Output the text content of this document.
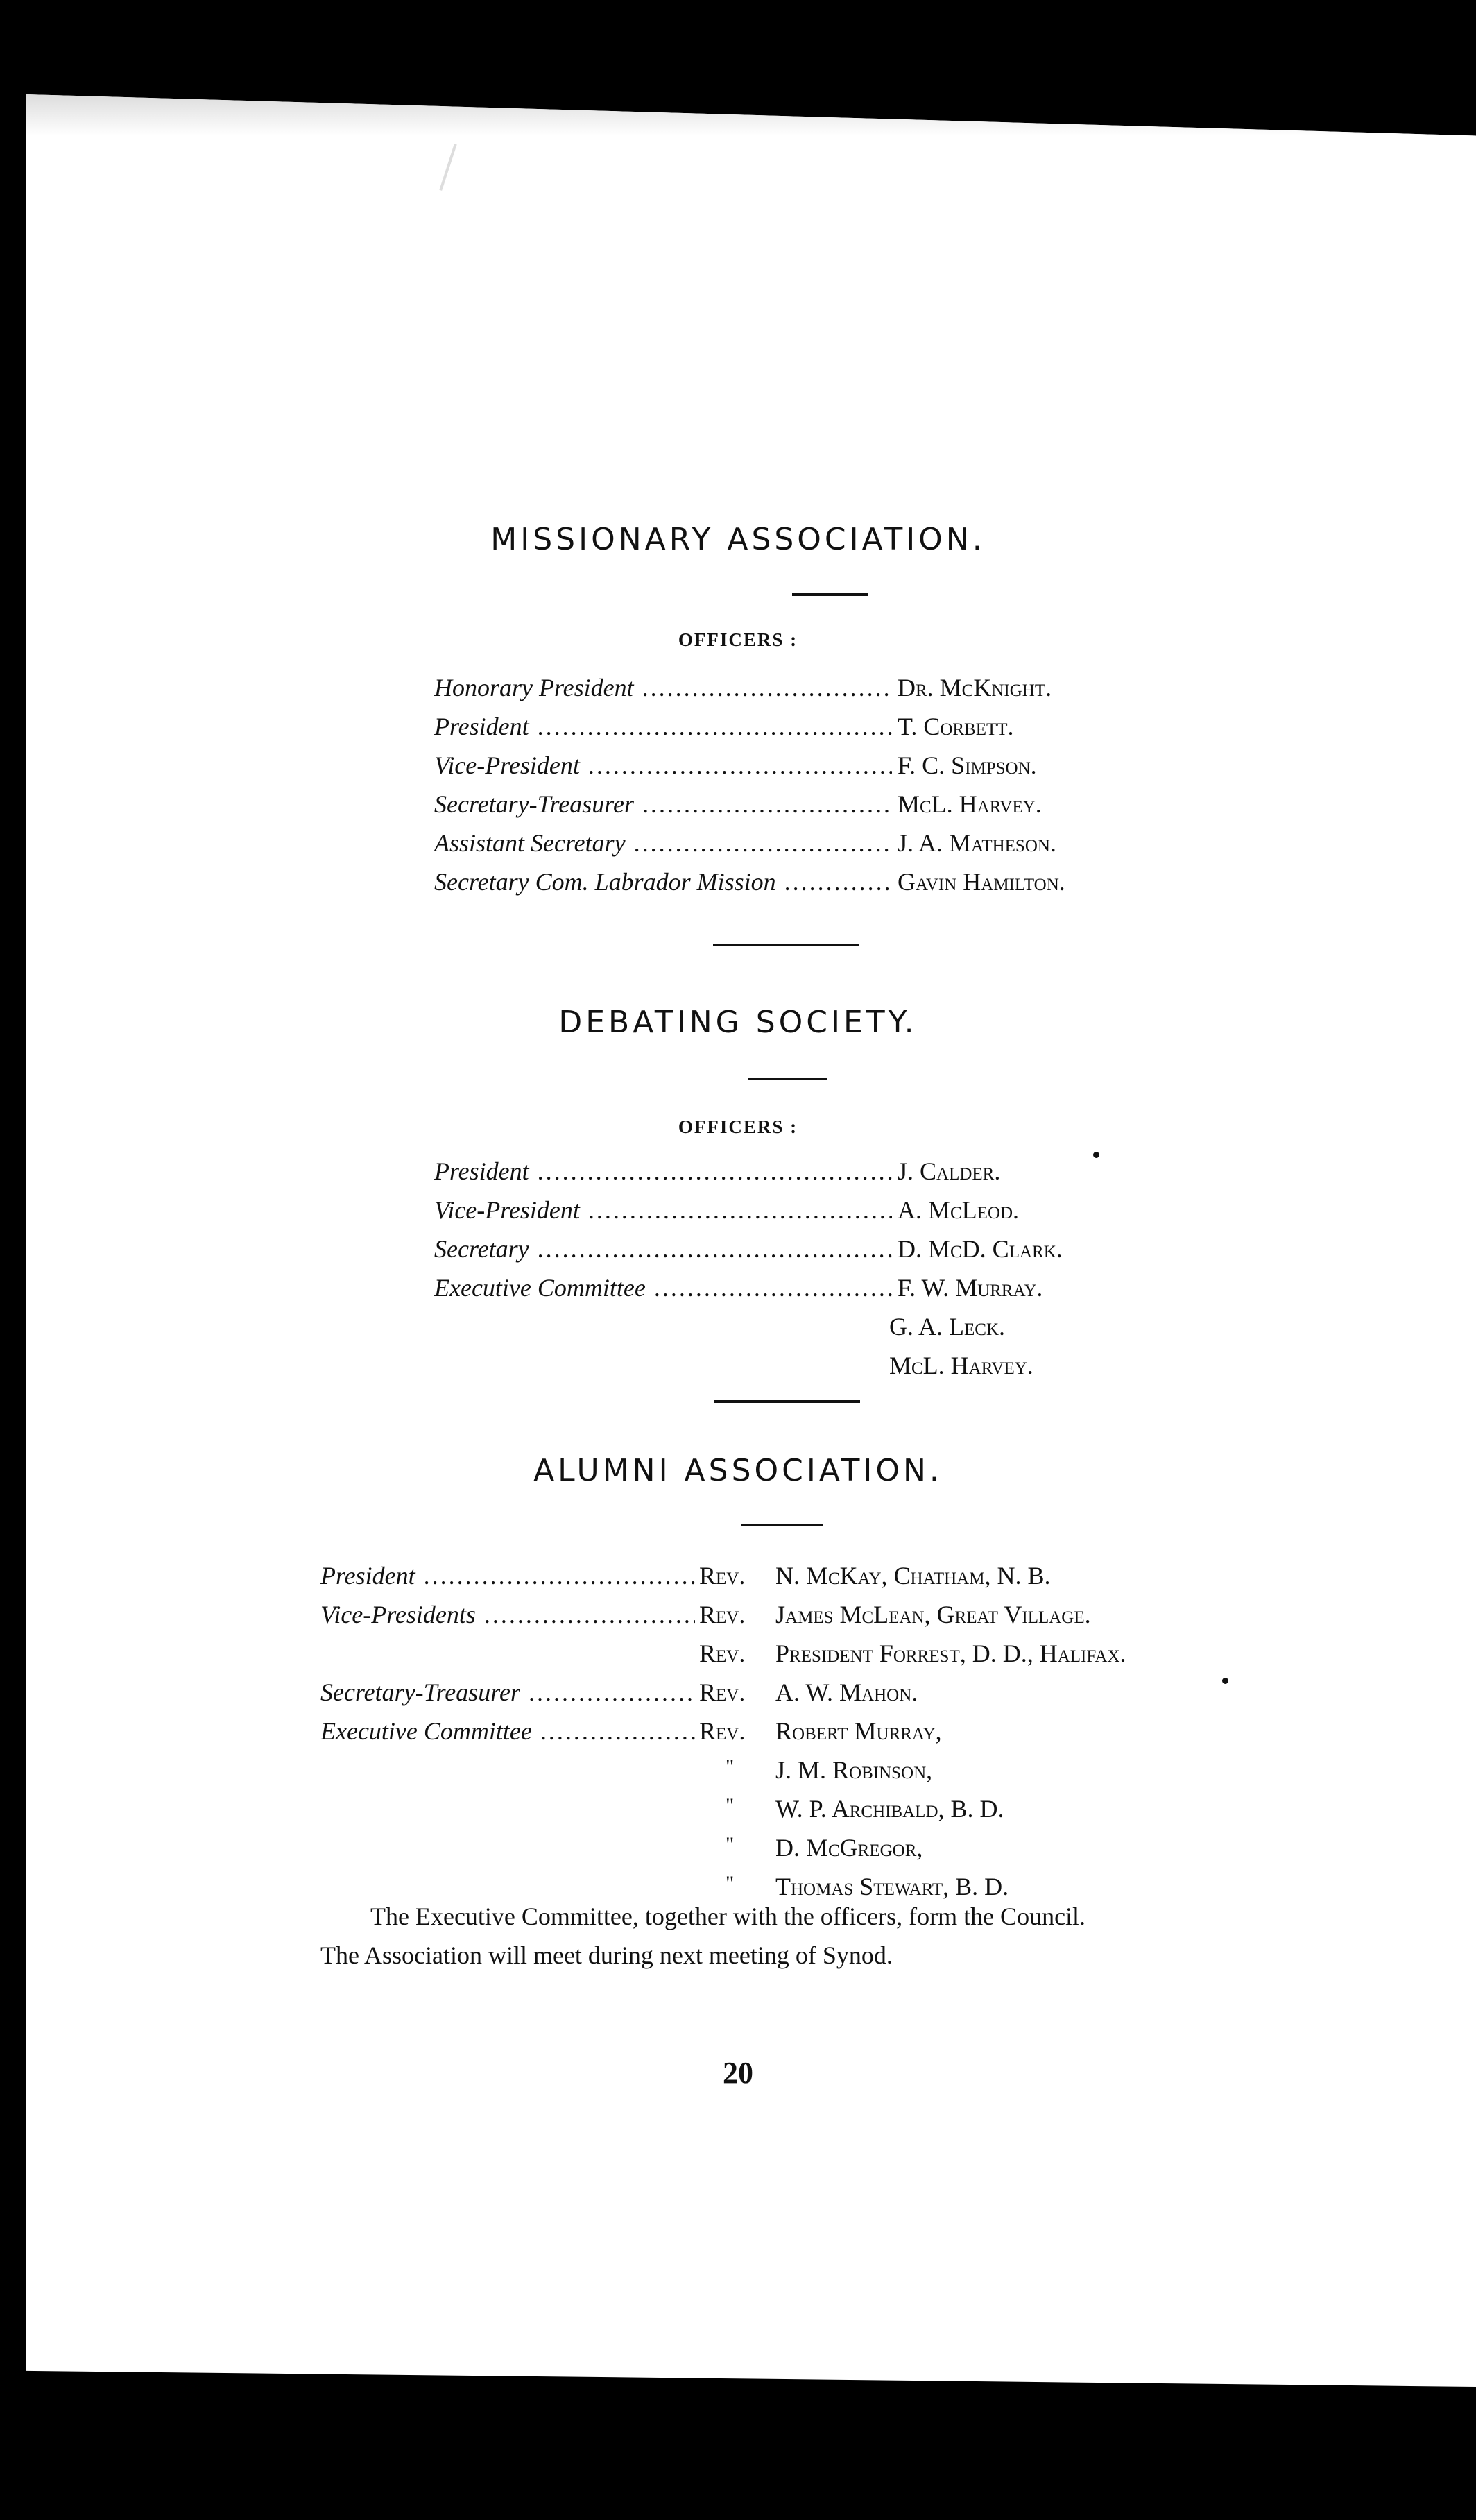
MISSIONARY ASSOCIATION.
OFFICERS :
Honorary President .....	Dr. McKnight.
President .....	T. Corbett.
Vice-President .....	F. C. Simpson.
Secretary-Treasurer .....	McL. Harvey.
Assistant Secretary .....	J. A. Matheson.
Secretary Com. Labrador Mission .....	Gavin Hamilton.
DEBATING SOCIETY.
OFFICERS :
President .....	J. Calder.
Vice-President .....	A. McLeod.
Secretary .....	D. McD. Clark.
Executive Committee .....	F. W. Murray.
G. A. Leck.
McL. Harvey.
ALUMNI ASSOCIATION.
President .....	Rev. N. McKay, Chatham, N. B.
Vice-Presidents .....	Rev. James McLean, Great Village.
Rev. President Forrest, D. D., Halifax.
Secretary-Treasurer .....	Rev. A. W. Mahon.
Executive Committee .....	Rev. Robert Murray,
" J. M. Robinson,
" W. P. Archibald, B. D.
" D. McGregor,
" Thomas Stewart, B. D.
The Executive Committee, together with the officers, form the Council.
The Association will meet during next meeting of Synod.
20
